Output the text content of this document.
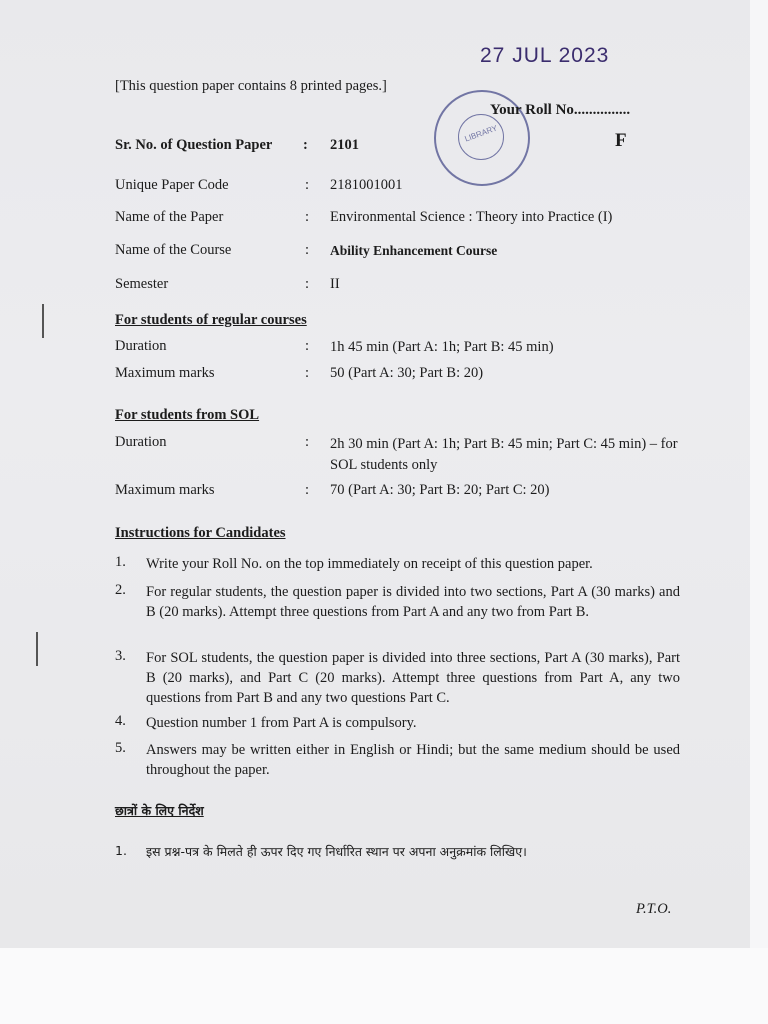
27 JUL 2023
LIBRARY
[This question paper contains 8 printed pages.]
Your Roll No...............
F
Sr. No. of Question Paper : 2101
Unique Paper Code	: 2181001001
Name of the Paper	: Environmental Science : Theory into Practice (I)
Name of the Course	: Ability Enhancement Course
Semester	: II
For students of regular courses
Duration	: 1h 45 min (Part A: 1h; Part B: 45 min)
Maximum marks	: 50 (Part A: 30; Part B: 20)
For students from SOL
Duration	: 2h 30 min (Part A: 1h; Part B: 45 min; Part C: 45 min) – for SOL students only
Maximum marks	: 70 (Part A: 30; Part B: 20; Part C: 20)
Instructions for Candidates
1. Write your Roll No. on the top immediately on receipt of this question paper.
2. For regular students, the question paper is divided into two sections, Part A (30 marks) and B (20 marks). Attempt three questions from Part A and any two from Part B.
3. For SOL students, the question paper is divided into three sections, Part A (30 marks), Part B (20 marks), and Part C (20 marks). Attempt three questions from Part A, any two questions from Part B and any two questions Part C.
4. Question number 1 from Part A is compulsory.
5. Answers may be written either in English or Hindi; but the same medium should be used throughout the paper.
छात्रों के लिए निर्देश
1. इस प्रश्न-पत्र के मिलते ही ऊपर दिए गए निर्धारित स्थान पर अपना अनुक्रमांक लिखिए।
P.T.O.
